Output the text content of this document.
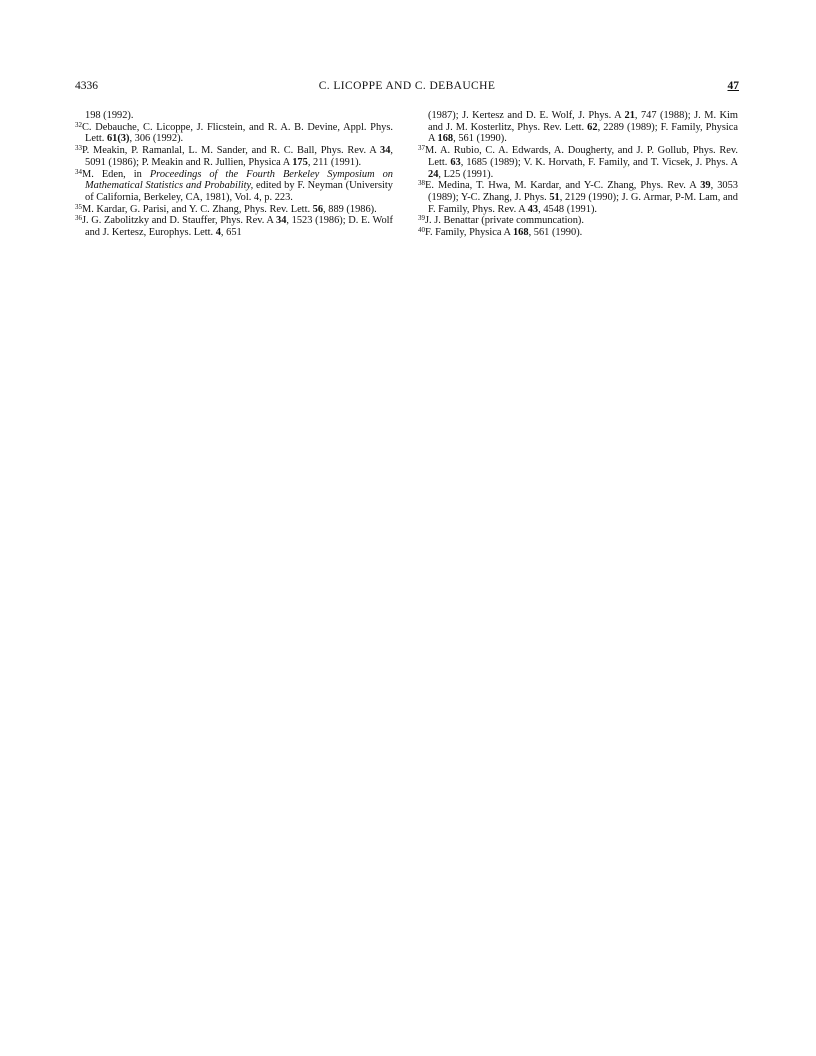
4336	C. LICOPPE AND C. DEBAUCHE	47

198 (1992).

$^{32}$C. Debauche, C. Licoppe, J. Flicstein, and R. A. B. Devine, Appl. Phys. Lett. 61(3), 306 (1992).

$^{33}$P. Meakin, P. Ramanlal, L. M. Sander, and R. C. Ball, Phys. Rev. A 34, 5091 (1986); P. Meakin and R. Jullien, Physica A 175, 211 (1991).

$^{34}$M. Eden, in Proceedings of the Fourth Berkeley Symposium on Mathematical Statistics and Probability, edited by F. Neyman (University of California, Berkeley, CA, 1981), Vol. 4, p. 223.

$^{35}$M. Kardar, G. Parisi, and Y. C. Zhang, Phys. Rev. Lett. 56, 889 (1986).

$^{36}$J. G. Zabolitzky and D. Stauffer, Phys. Rev. A 34, 1523 (1986); D. E. Wolf and J. Kertesz, Europhys. Lett. 4, 651

(1987); J. Kertesz and D. E. Wolf, J. Phys. A 21, 747 (1988); J. M. Kim and J. M. Kosterlitz, Phys. Rev. Lett. 62, 2289 (1989); F. Family, Physica A 168, 561 (1990).

$^{37}$M. A. Rubio, C. A. Edwards, A. Dougherty, and J. P. Gollub, Phys. Rev. Lett. 63, 1685 (1989); V. K. Horvath, F. Family, and T. Vicsek, J. Phys. A 24, L25 (1991).

$^{38}$E. Medina, T. Hwa, M. Kardar, and Y-C. Zhang, Phys. Rev. A 39, 3053 (1989); Y-C. Zhang, J. Phys. 51, 2129 (1990); J. G. Armar, P-M. Lam, and F. Family, Phys. Rev. A 43, 4548 (1991).

$^{39}$J. J. Benattar (private communcation).

$^{40}$F. Family, Physica A 168, 561 (1990).
